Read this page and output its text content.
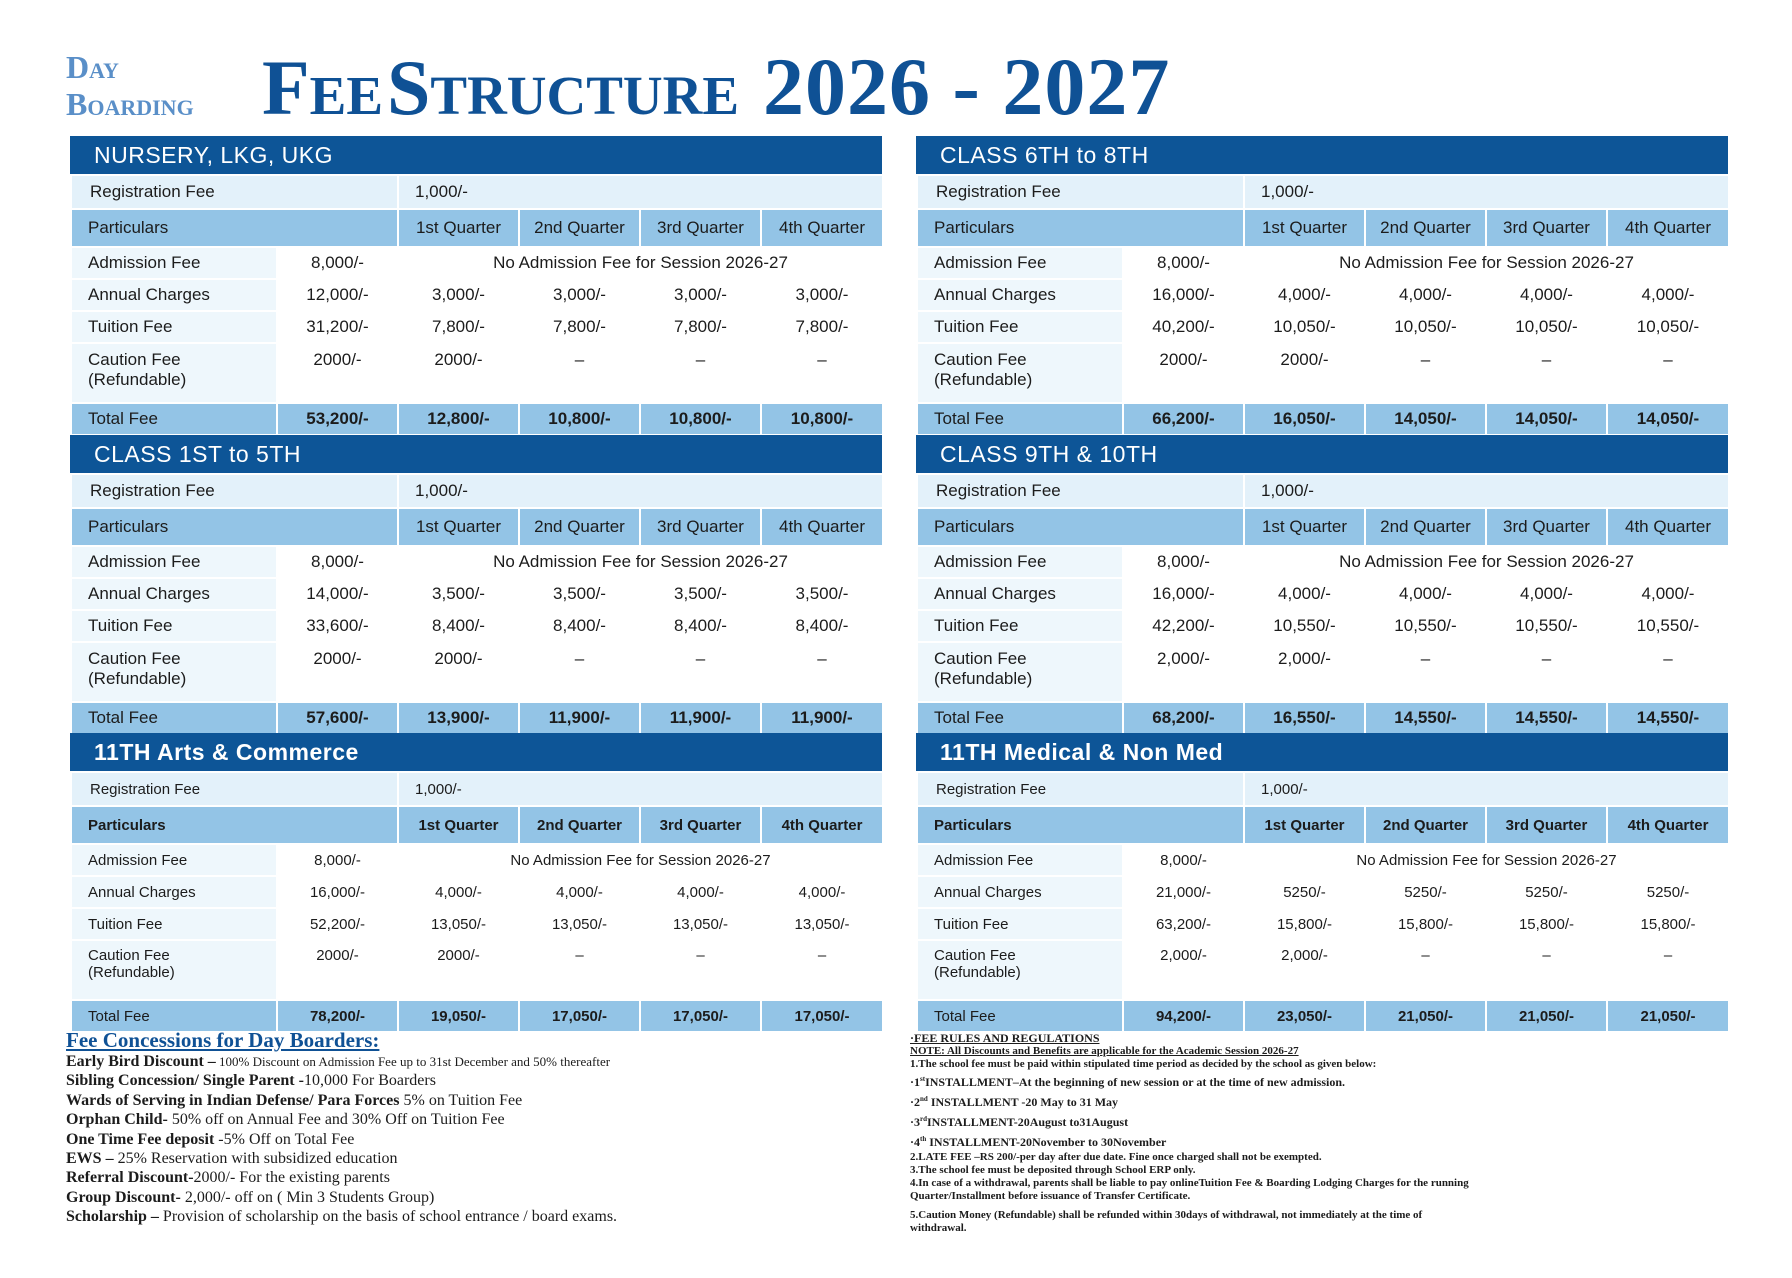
Day
Boarding Fee Structure 2026 - 2027
NURSERY, LKG, UKG
Registration Fee		1,000/-			
Particulars		1st Quarter	2nd Quarter	3rd Quarter	4th Quarter
Admission Fee	8,000/-	No Admission Fee for Session 2026-27			
Annual Charges	12,000/-	3,000/-	3,000/-	3,000/-	3,000/-
Tuition Fee	31,200/-	7,800/-	7,800/-	7,800/-	7,800/-

Caution Fee
(Refundable)	2000/-	2000/-	–	–	–
Total Fee	53,200/-	12,800/-	10,800/-	10,800/-	10,800/-
CLASS 6TH to 8TH
Registration Fee		1,000/-			
Particulars		1st Quarter	2nd Quarter	3rd Quarter	4th Quarter
Admission Fee	8,000/-	No Admission Fee for Session 2026-27			
Annual Charges	16,000/-	4,000/-	4,000/-	4,000/-	4,000/-
Tuition Fee	40,200/-	10,050/-	10,050/-	10,050/-	10,050/-

Caution Fee
(Refundable)	2000/-	2000/-	–	–	–
Total Fee	66,200/-	16,050/-	14,050/-	14,050/-	14,050/-
CLASS 1ST to 5TH
Registration Fee		1,000/-			
Particulars		1st Quarter	2nd Quarter	3rd Quarter	4th Quarter
Admission Fee	8,000/-	No Admission Fee for Session 2026-27			
Annual Charges	14,000/-	3,500/-	3,500/-	3,500/-	3,500/-
Tuition Fee	33,600/-	8,400/-	8,400/-	8,400/-	8,400/-

Caution Fee
(Refundable)	2000/-	2000/-	–	–	–
Total Fee	57,600/-	13,900/-	11,900/-	11,900/-	11,900/-
CLASS 9TH & 10TH
Registration Fee		1,000/-			
Particulars		1st Quarter	2nd Quarter	3rd Quarter	4th Quarter
Admission Fee	8,000/-	No Admission Fee for Session 2026-27			
Annual Charges	16,000/-	4,000/-	4,000/-	4,000/-	4,000/-
Tuition Fee	42,200/-	10,550/-	10,550/-	10,550/-	10,550/-

Caution Fee
(Refundable)	2,000/-	2,000/-	–	–	–
Total Fee	68,200/-	16,550/-	14,550/-	14,550/-	14,550/-
11TH Arts & Commerce
Registration Fee		1,000/-			
Particulars		1st Quarter	2nd Quarter	3rd Quarter	4th Quarter
Admission Fee	8,000/-	No Admission Fee for Session 2026-27			
Annual Charges	16,000/-	4,000/-	4,000/-	4,000/-	4,000/-
Tuition Fee	52,200/-	13,050/-	13,050/-	13,050/-	13,050/-

Caution Fee
(Refundable)	2000/-	2000/-	–	–	–
Total Fee	78,200/-	19,050/-	17,050/-	17,050/-	17,050/-
11TH Medical & Non Med
Registration Fee		1,000/-			
Particulars		1st Quarter	2nd Quarter	3rd Quarter	4th Quarter
Admission Fee	8,000/-	No Admission Fee for Session 2026-27			
Annual Charges	21,000/-	5250/-	5250/-	5250/-	5250/-
Tuition Fee	63,200/-	15,800/-	15,800/-	15,800/-	15,800/-

Caution Fee
(Refundable)	2,000/-	2,000/-	–	–	–
Total Fee	94,200/-	23,050/-	21,050/-	21,050/-	21,050/-
Fee Concessions for Day Boarders:
Early Bird Discount – 100% Discount on Admission Fee up to 31st December and 50% thereafter
Sibling Concession/ Single Parent -10,000 For Boarders
Wards of Serving in Indian Defense/ Para Forces 5% on Tuition Fee
Orphan Child- 50% off on Annual Fee and 30% Off on Tuition Fee
One Time Fee deposit -5% Off on Total Fee
EWS – 25% Reservation with subsidized education
Referral Discount-2000/- For the existing parents
Group Discount- 2,000/- off on ( Min 3 Students Group)
Scholarship – Provision of scholarship on the basis of school entrance / board exams.

·FEE RULES AND REGULATIONS

NOTE: All Discounts and Benefits are applicable for the Academic Session 2026-27

1.The school fee must be paid within stipulated time period as decided by the school as given below:

·1stINSTALLMENT–At the beginning of new session or at the time of new admission.

·2nd INSTALLMENT -20 May to 31 May

·3rdINSTALLMENT-20August to31August

·4th INSTALLMENT-20November to 30November

2.LATE FEE –RS 200/-per day after due date. Fine once charged shall not be exempted.

3.The school fee must be deposited through School ERP only.

4.In case of a withdrawal, parents shall be liable to pay onlineTuition Fee & Boarding Lodging Charges for the running Quarter/Installment before issuance of Transfer Certificate.

5.Caution Money (Refundable) shall be refunded within 30days of withdrawal, not immediately at the time of withdrawal.
